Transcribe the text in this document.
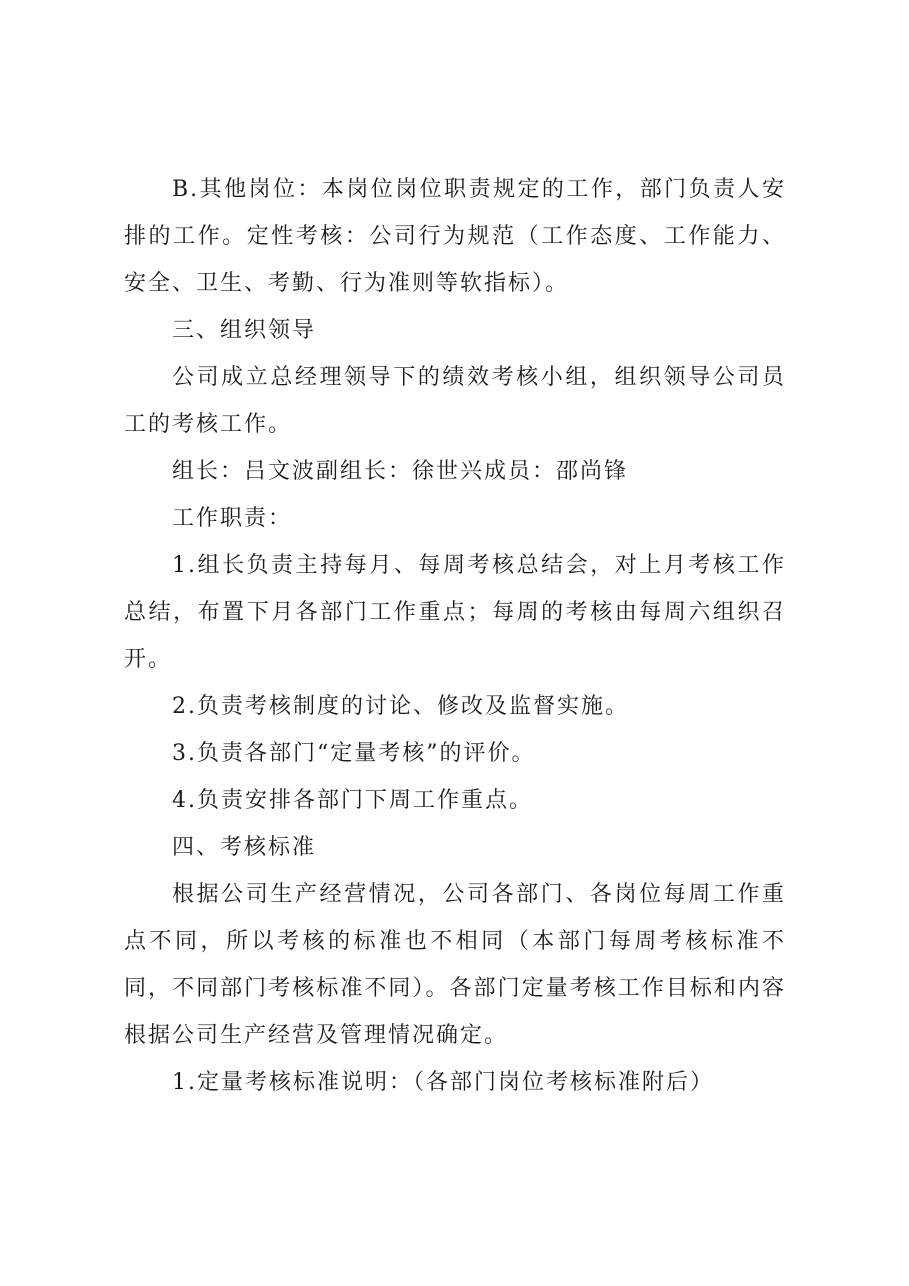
B.其他岗位：本岗位岗位职责规定的工作，部门负责人安排的工作。定性考核：公司行为规范（工作态度、工作能力、安全、卫生、考勤、行为准则等软指标）。

三、组织领导

公司成立总经理领导下的绩效考核小组，组织领导公司员工的考核工作。

组长：吕文波副组长：徐世兴成员：邵尚锋

工作职责：

1.组长负责主持每月、每周考核总结会，对上月考核工作总结，布置下月各部门工作重点；每周的考核由每周六组织召开。

2.负责考核制度的讨论、修改及监督实施。

3.负责各部门“定量考核”的评价。

4.负责安排各部门下周工作重点。

四、考核标准

根据公司生产经营情况，公司各部门、各岗位每周工作重点不同，所以考核的标准也不相同（本部门每周考核标准不同，不同部门考核标准不同）。各部门定量考核工作目标和内容根据公司生产经营及管理情况确定。

1.定量考核标准说明：（各部门岗位考核标准附后）
